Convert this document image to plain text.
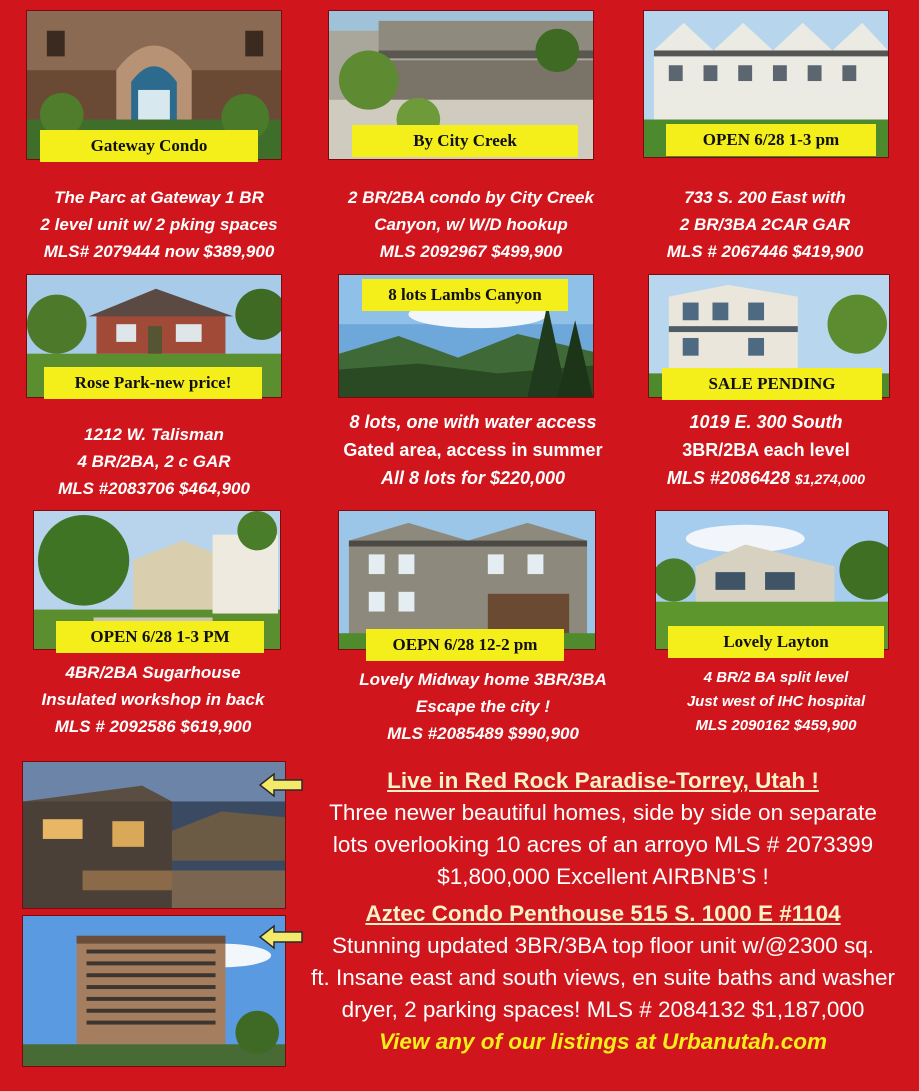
Gateway Condo	By City Creek	OPEN 6/28 1-3 pm
The Parc at Gateway 1 BR
2 level unit w/ 2 pking spaces
MLS# 2079444 now $389,900
2 BR/2BA condo by City Creek
Canyon, w/ W/D hookup
MLS 2092967 $499,900
733 S. 200 East with
2 BR/3BA 2CAR GAR
MLS # 2067446 $419,900
Rose Park-new price!
8 lots Lambs Canyon
SALE PENDING
1212 W. Talisman
4 BR/2BA, 2 c GAR
MLS #2083706 $464,900
8 lots, one with water access
Gated area, access in summer
All 8 lots for $220,000
1019 E. 300 South
3BR/2BA each level
MLS #2086428 $1,274,000
OPEN 6/28 1-3 PM	OEPN 6/28 12-2 pm	Lovely Layton
4BR/2BA Sugarhouse
Insulated workshop in back
MLS # 2092586 $619,900
Lovely Midway home 3BR/3BA
Escape the city !
MLS #2085489 $990,900
4 BR/2 BA split level
Just west of IHC hospital
MLS 2090162 $459,900
Live in Red Rock Paradise-Torrey, Utah !
Three newer beautiful homes, side by side on separate
lots overlooking 10 acres of an arroyo MLS # 2073399
$1,800,000 Excellent AIRBNB’S !
Aztec Condo Penthouse 515 S. 1000 E #1104
Stunning updated 3BR/3BA top floor unit w/@2300 sq.
ft. Insane east and south views, en suite baths and washer
dryer, 2 parking spaces! MLS # 2084132 $1,187,000
View any of our listings at Urbanutah.com
